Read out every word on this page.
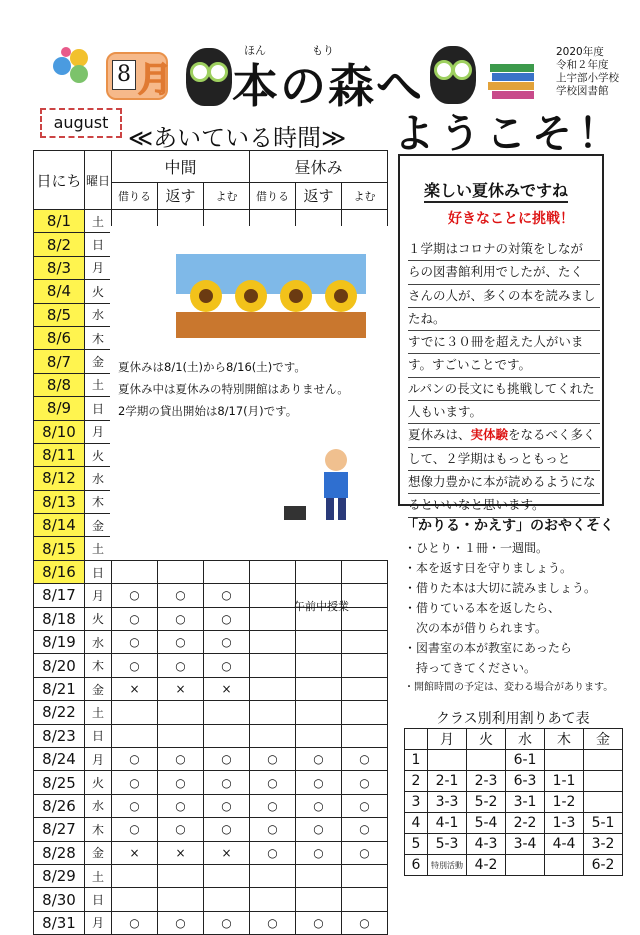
8 月
ほん	もり
本の森へ
2020年度
令和２年度
上宇部小学校
学校図書館
august
≪あいている時間≫ ようこそ！
日にち	曜日	中間			昼休み			
		借りる	返す	よむ	借りる	返す	よむ	
8/1	土							
8/2	日							
8/3	月							
8/4	火							
8/5	水							
8/6	木							
8/7	金							
8/8	土							
8/9	日							
8/10	月							
8/11	火							
8/12	水							
8/13	木							
8/14	金							
8/15	土							
8/16	日							
8/17	月	○	○	○				
8/18	火	○	○	○				
8/19	水	○	○	○				
8/20	木	○	○	○				
8/21	金	×	×	×				
8/22	土							
8/23	日							
8/24	月	○	○	○	○	○	○	
8/25	火	○	○	○	○	○	○	
8/26	水	○	○	○	○	○	○	
8/27	木	○	○	○	○	○	○	
8/28	金	×	×	×	○	○	○	
8/29	土							
8/30	日							
8/31	月	○	○	○	○	○	○	
夏休みは8/1(土)から8/16(土)です。
夏休み中は夏休みの特別開館はありません。
2学期の貸出開始は8/17(月)です。
午前中授業
楽しい夏休みですね
好きなことに挑戦！
１学期はコロナの対策をしなが
らの図書館利用でしたが、たく
さんの人が、多くの本を読みまし
たね。
すでに３０冊を超えた人がいま
す。すごいことです。
ルパンの長文にも挑戦してくれた
人もいます。
夏休みは、実体験をなるべく多く
して、２学期はもっともっと
想像力豊かに本が読めるようにな
るといいなと思います。
「かりる・かえす」のおやくそく
・ひとり・１冊・一週間。
・本を返す日を守りましょう。
・借りた本は大切に読みましょう。
・借りている本を返したら、
　次の本が借りられます。
・図書室の本が教室にあったら
　持ってきてください。
・開館時間の予定は、変わる場合があります。
クラス別利用割りあて表
	月	火	水	木	金
1			6-1		
2	2-1	2-3	6-3	1-1	
3	3-3	5-2	3-1	1-2	
4	4-1	5-4	2-2	1-3	5-1
5	5-3	4-3	3-4	4-4	3-2
6	特別活動	4-2			6-2
